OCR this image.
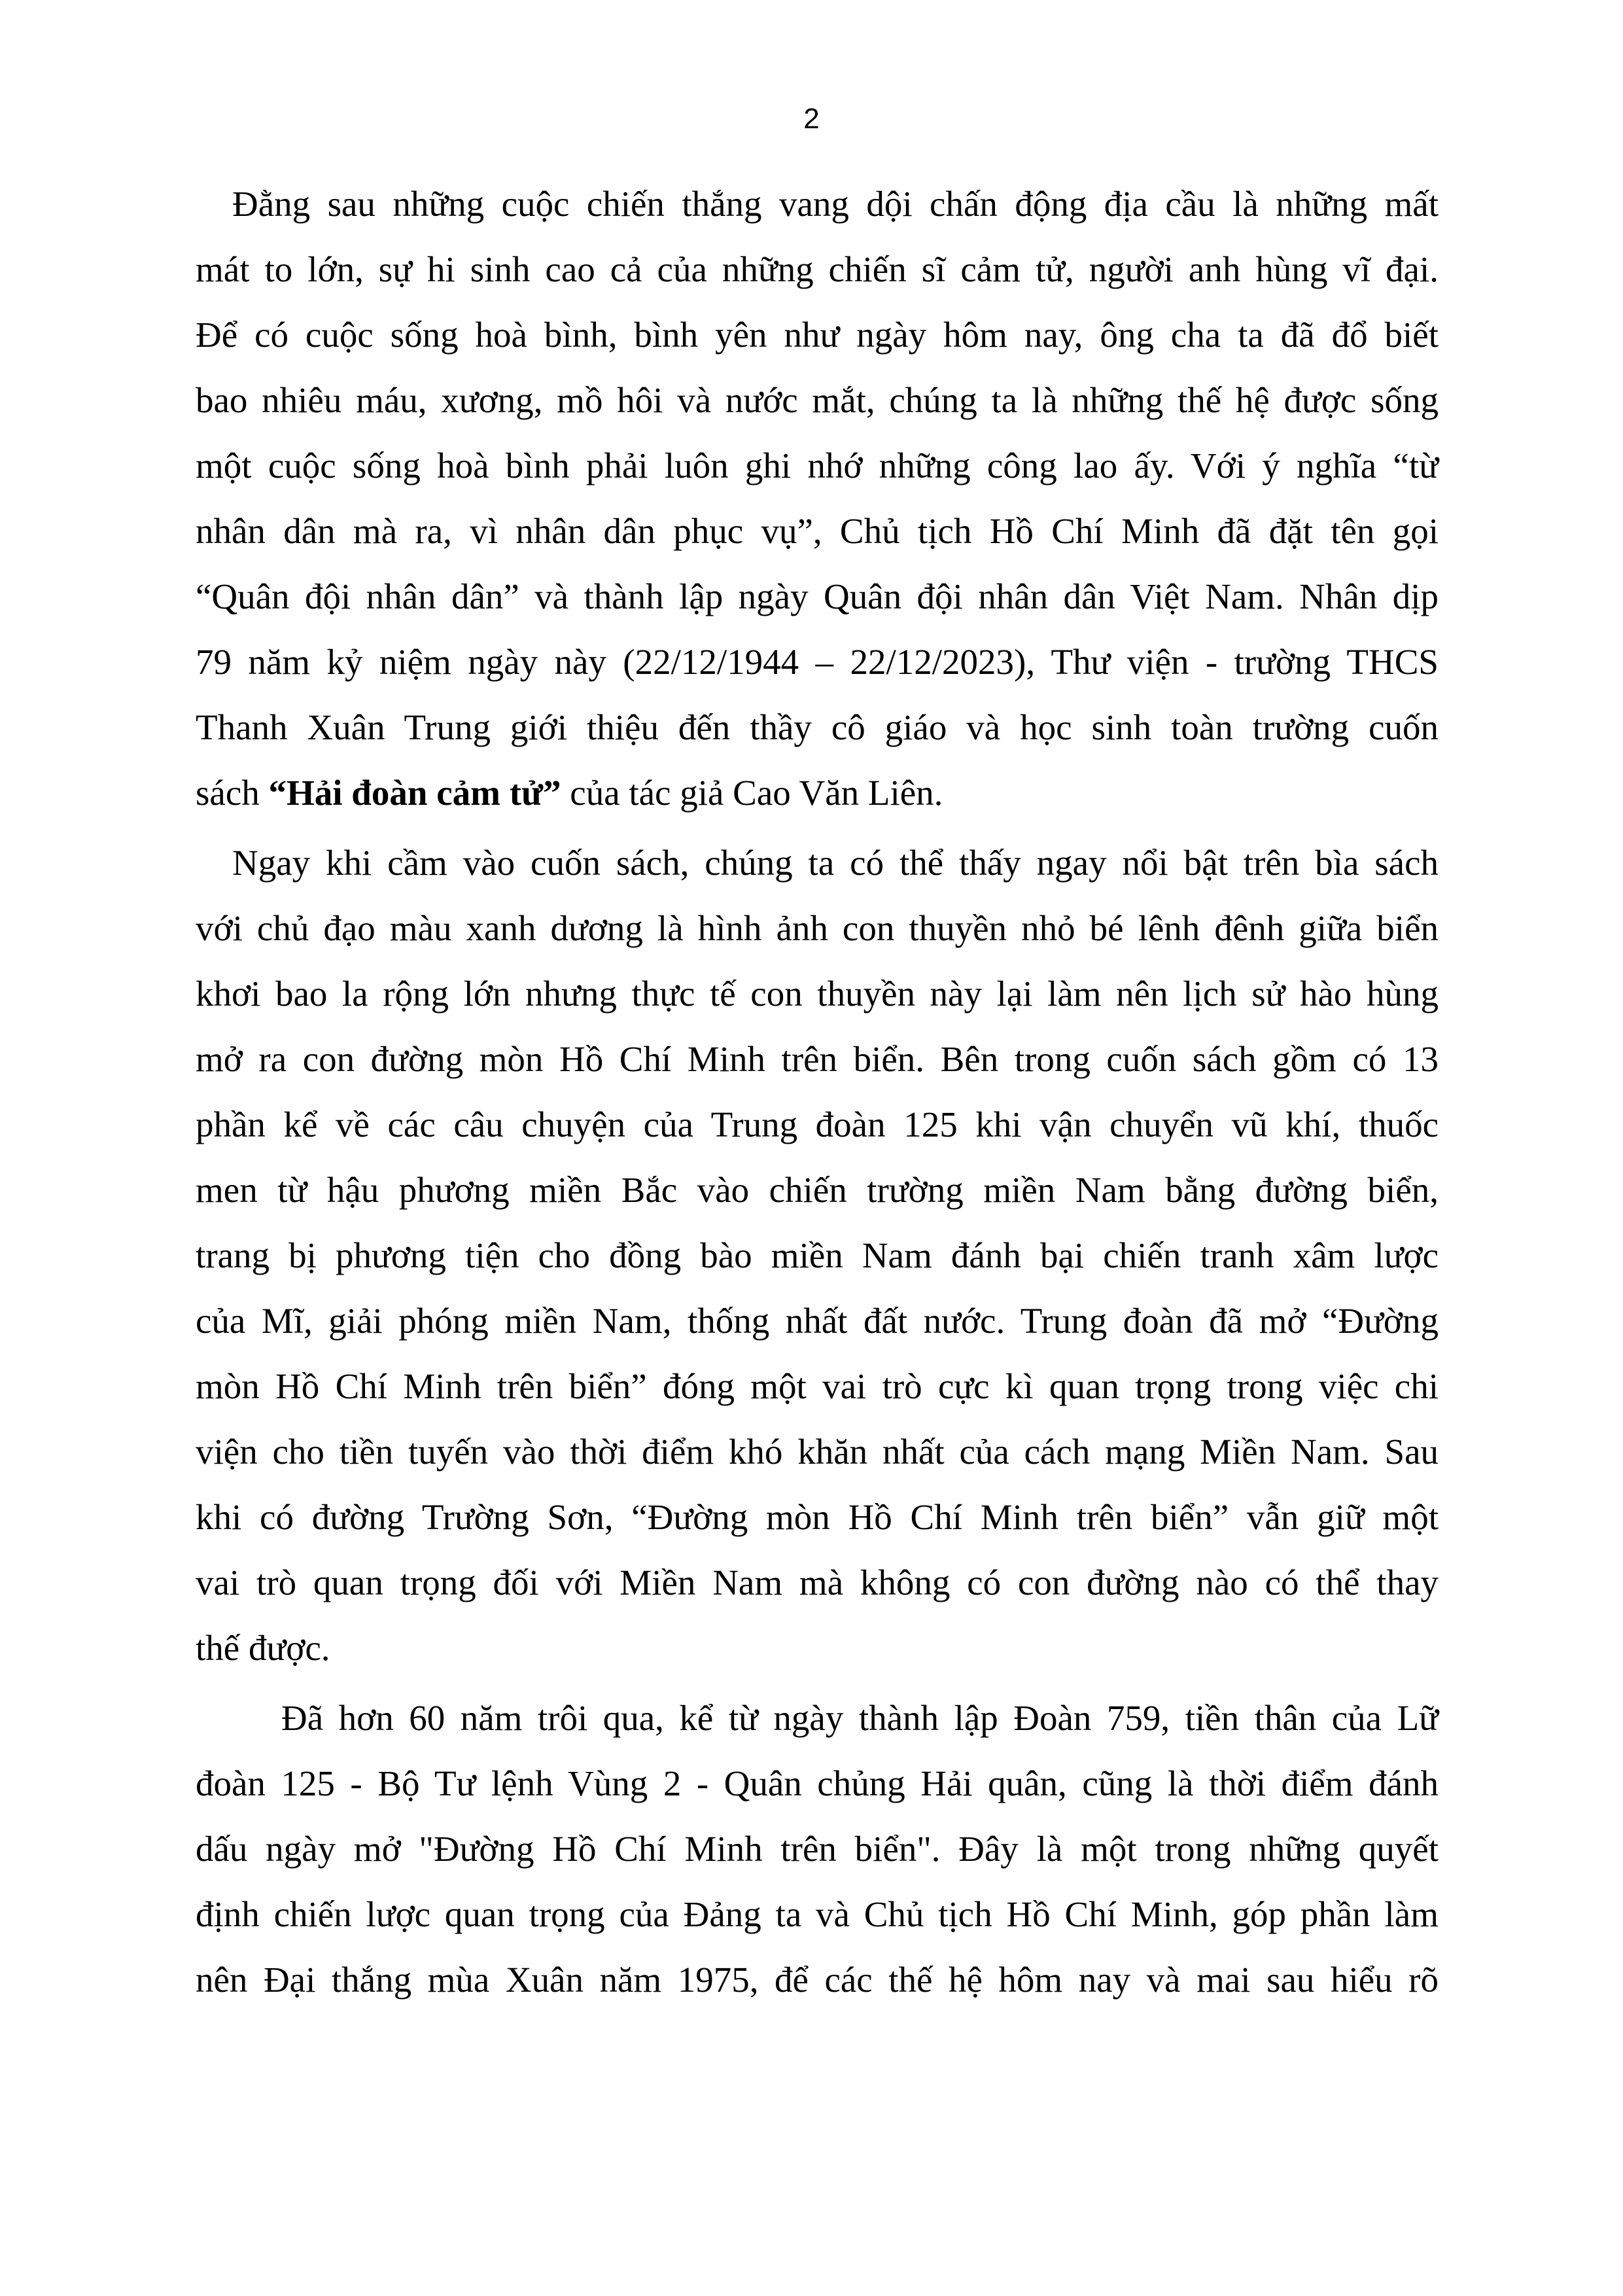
2
Đằng sau những cuộc chiến thắng vang dội chấn động địa cầu là những mất
mát to lớn, sự hi sinh cao cả của những chiến sĩ cảm tử, người anh hùng vĩ đại.
Để có cuộc sống hoà bình, bình yên như ngày hôm nay, ông cha ta đã đổ biết
bao nhiêu máu, xương, mồ hôi và nước mắt, chúng ta là những thế hệ được sống
một cuộc sống hoà bình phải luôn ghi nhớ những công lao ấy. Với ý nghĩa “từ
nhân dân mà ra, vì nhân dân phục vụ”, Chủ tịch Hồ Chí Minh đã đặt tên gọi
“Quân đội nhân dân” và thành lập ngày Quân đội nhân dân Việt Nam. Nhân dịp
79 năm kỷ niệm ngày này (22/12/1944 – 22/12/2023), Thư viện - trường THCS
Thanh Xuân Trung giới thiệu đến thầy cô giáo và học sinh toàn trường cuốn
sách “Hải đoàn cảm tử” của tác giả Cao Văn Liên.
Ngay khi cầm vào cuốn sách, chúng ta có thể thấy ngay nổi bật trên bìa sách
với chủ đạo màu xanh dương là hình ảnh con thuyền nhỏ bé lênh đênh giữa biển
khơi bao la rộng lớn nhưng thực tế con thuyền này lại làm nên lịch sử hào hùng
mở ra con đường mòn Hồ Chí Minh trên biển. Bên trong cuốn sách gồm có 13
phần kể về các câu chuyện của Trung đoàn 125 khi vận chuyển vũ khí, thuốc
men từ hậu phương miền Bắc vào chiến trường miền Nam bằng đường biển,
trang bị phương tiện cho đồng bào miền Nam đánh bại chiến tranh xâm lược
của Mĩ, giải phóng miền Nam, thống nhất đất nước. Trung đoàn đã mở “Đường
mòn Hồ Chí Minh trên biển” đóng một vai trò cực kì quan trọng trong việc chi
viện cho tiền tuyến vào thời điểm khó khăn nhất của cách mạng Miền Nam. Sau
khi có đường Trường Sơn, “Đường mòn Hồ Chí Minh trên biển” vẫn giữ một
vai trò quan trọng đối với Miền Nam mà không có con đường nào có thể thay
thế được.
Đã hơn 60 năm trôi qua, kể từ ngày thành lập Đoàn 759, tiền thân của Lữ
đoàn 125 - Bộ Tư lệnh Vùng 2 - Quân chủng Hải quân, cũng là thời điểm đánh
dấu ngày mở "Đường Hồ Chí Minh trên biển". Đây là một trong những quyết
định chiến lược quan trọng của Đảng ta và Chủ tịch Hồ Chí Minh, góp phần làm
nên Đại thắng mùa Xuân năm 1975, để các thế hệ hôm nay và mai sau hiểu rõ
